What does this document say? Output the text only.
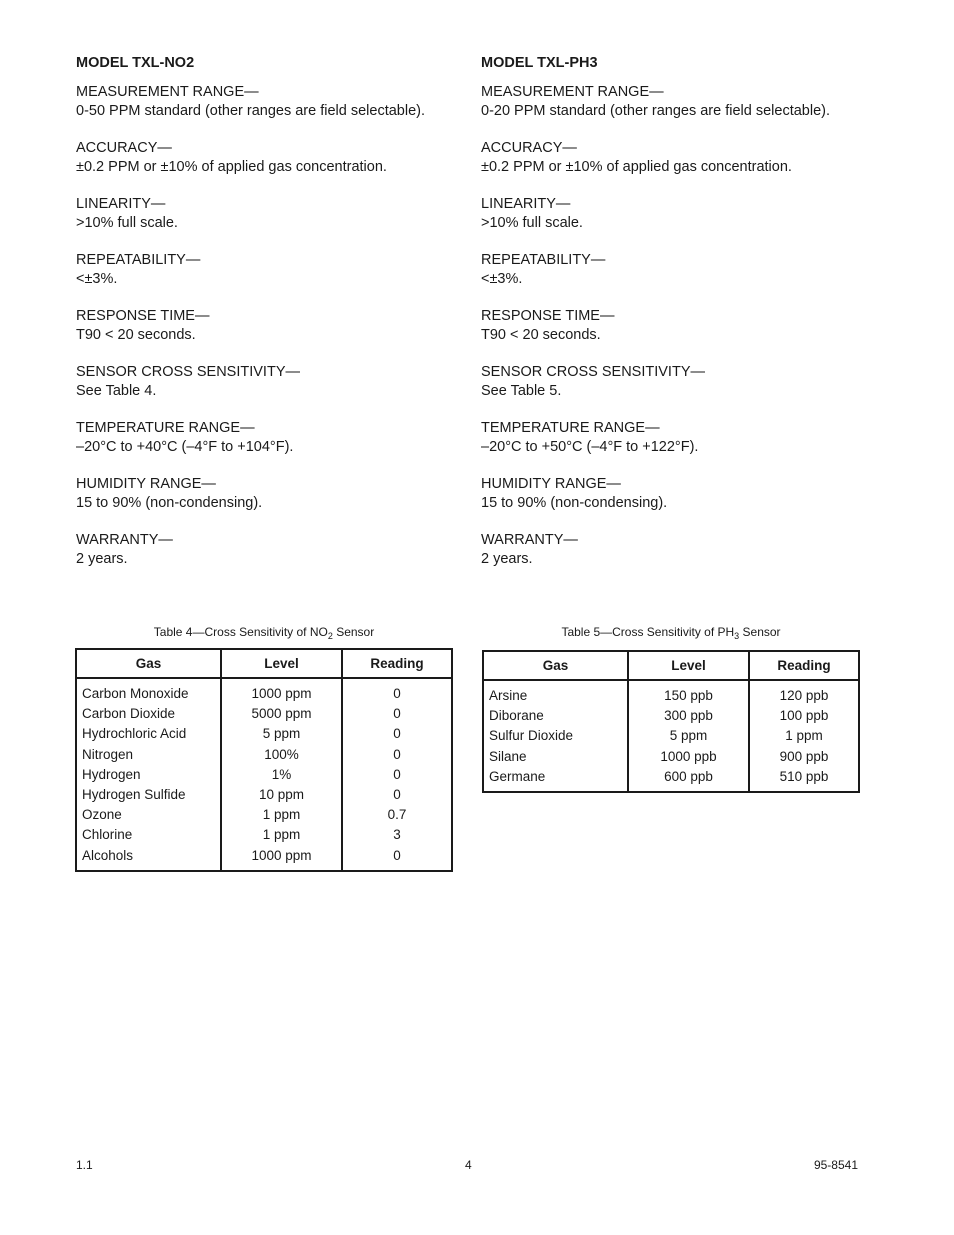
MODEL TXL-NO2
MEASUREMENT RANGE—
0-50 PPM standard (other ranges are field selectable).
ACCURACY—
±0.2 PPM or ±10% of applied gas concentration.
LINEARITY—
>10% full scale.
REPEATABILITY—
<±3%.
RESPONSE TIME—
T90 < 20 seconds.
SENSOR CROSS SENSITIVITY—
See Table 4.
TEMPERATURE RANGE—
–20°C to +40°C (–4°F to +104°F).
HUMIDITY RANGE—
15 to 90% (non-condensing).
WARRANTY—
2 years.
MODEL TXL-PH3
MEASUREMENT RANGE—
0-20 PPM standard (other ranges are field selectable).
ACCURACY—
±0.2 PPM or ±10% of applied gas concentration.
LINEARITY—
>10% full scale.
REPEATABILITY—
<±3%.
RESPONSE TIME—
T90 < 20 seconds.
SENSOR CROSS SENSITIVITY—
See Table 5.
TEMPERATURE RANGE—
–20°C to +50°C (–4°F to +122°F).
HUMIDITY RANGE—
15 to 90% (non-condensing).
WARRANTY—
2 years.
Table 4—Cross Sensitivity of $NO_2$ Sensor
Gas	Level	Reading
Carbon Monoxide	1000 ppm	0
Carbon Dioxide	5000 ppm	0
Hydrochloric Acid	5 ppm	0
Nitrogen	100%	0
Hydrogen	1%	0
Hydrogen Sulfide	10 ppm	0
Ozone	1 ppm	0.7
Chlorine	1 ppm	3
Alcohols	1000 ppm	0
Table 5—Cross Sensitivity of $PH_3$ Sensor
Gas	Level	Reading
Arsine	150 ppb	120 ppb
Diborane	300 ppb	100 ppb
Sulfur Dioxide	5 ppm	1 ppm
Silane	1000 ppb	900 ppb
Germane	600 ppb	510 ppb
1.1	4	95-8541
